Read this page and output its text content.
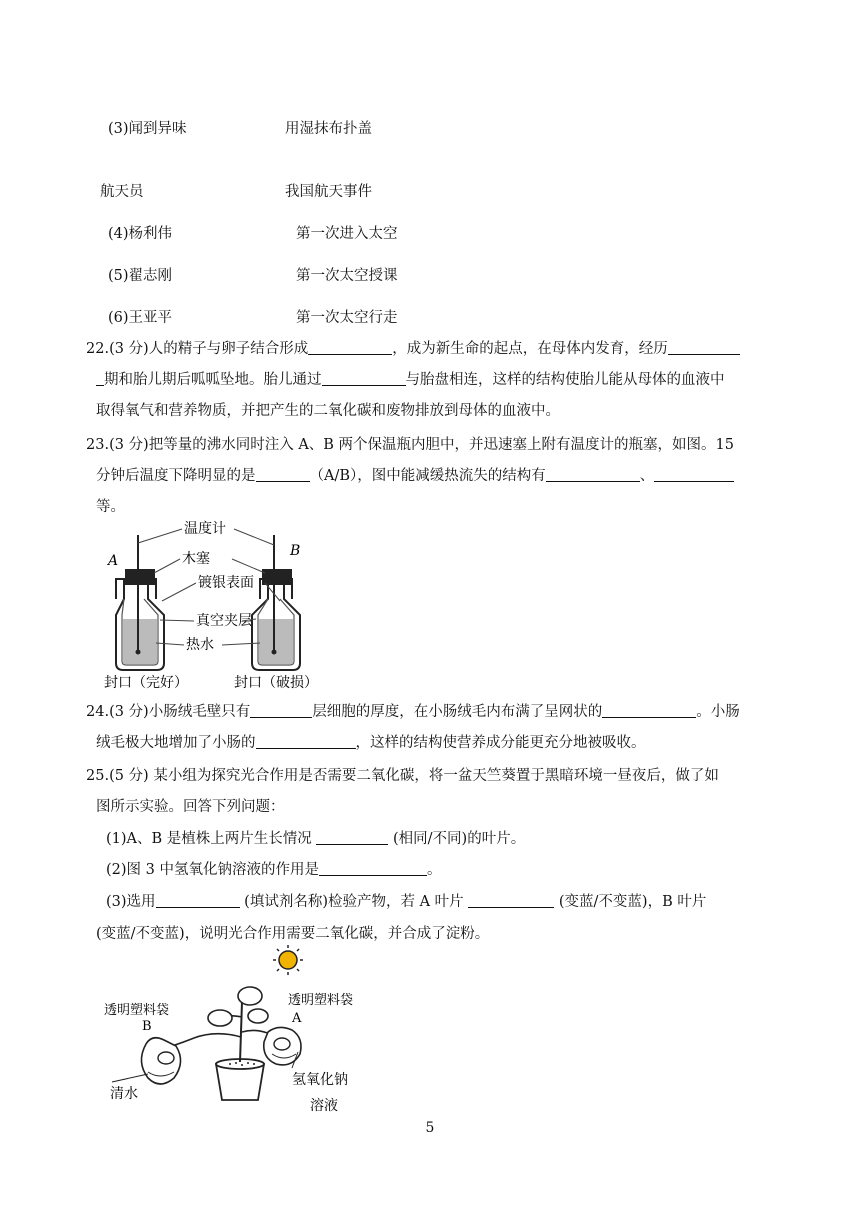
(3)闻到异味	用湿抹布扑盖
航天员	我国航天事件
(4)杨利伟	第一次进入太空
(5)翟志刚	第一次太空授课
(6)王亚平	第一次太空行走
22.(3 分)人的精子与卵子结合形成	，成为新生命的起点，在母体内发育，经历
期和胎儿期后呱呱坠地。胎儿通过	与胎盘相连，这样的结构使胎儿能从母体的血液中
取得氧气和营养物质，并把产生的二氧化碳和废物排放到母体的血液中。
23.(3 分)把等量的沸水同时注入 A、B 两个保温瓶内胆中，并迅速塞上附有温度计的瓶塞，如图。15
分钟后温度下降明显的是	（A/B），图中能减缓热流失的结构有	、
等。
A
B
温度计
木塞
镀银表面
真空夹层
热水
封口（完好）	封口（破损）
24.(3 分)小肠绒毛壁只有	层细胞的厚度，在小肠绒毛内布满了呈网状的	。小肠
绒毛极大地增加了小肠的	，这样的结构使营养成分能更充分地被吸收。
25.(5 分) 某小组为探究光合作用是否需要二氧化碳，将一盆天竺葵置于黑暗环境一昼夜后，做了如
图所示实验。回答下列问题：
(1)A、B 是植株上两片生长情况	(相同/不同)的叶片。
(2)图 3 中氢氧化钠溶液的作用是	。
(3)选用	(填试剂名称)检验产物，若 A 叶片	(变蓝/不变蓝)，B 叶片
(变蓝/不变蓝)，说明光合作用需要二氧化碳，并合成了淀粉。
透明塑料袋
B
透明塑料袋
A
清水
氢氧化钠
溶液
5
